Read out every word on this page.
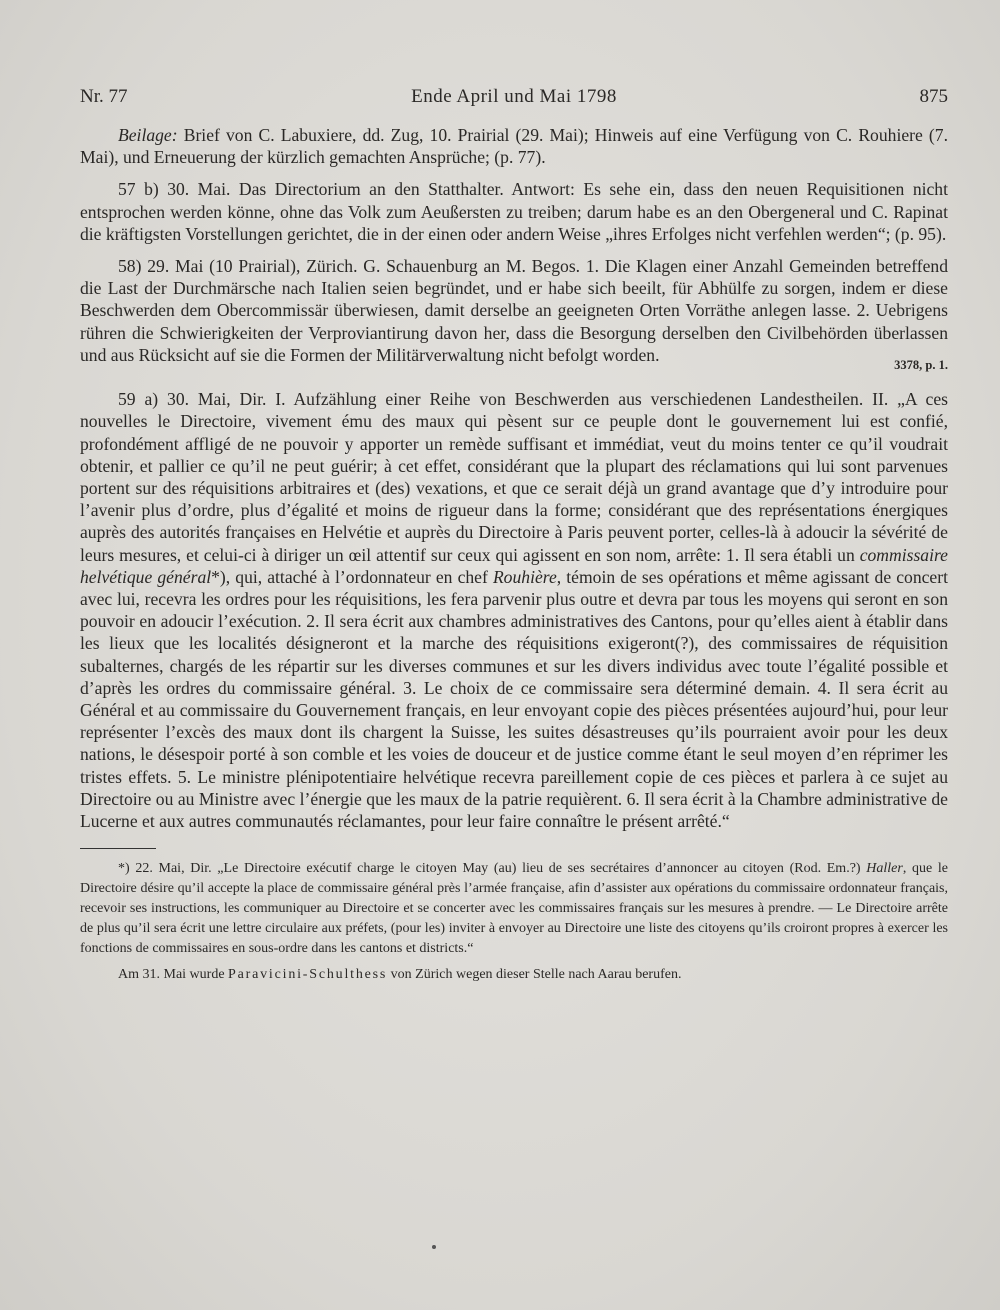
Nr. 77	Ende April und Mai 1798	875

Beilage: Brief von C. Labuxiere, dd. Zug, 10. Prairial (29. Mai); Hinweis auf eine Verfügung von C. Rouhiere (7. Mai), und Erneuerung der kürzlich gemachten Ansprüche; (p. 77).

57 b) 30. Mai. Das Directorium an den Statthalter. Antwort: Es sehe ein, dass den neuen Requisitionen nicht entsprochen werden könne, ohne das Volk zum Aeußersten zu treiben; darum habe es an den Obergeneral und C. Rapinat die kräftigsten Vorstellungen gerichtet, die in der einen oder andern Weise „ihres Erfolges nicht verfehlen werden“; (p. 95).

58) 29. Mai (10 Prairial), Zürich. G. Schauenburg an M. Begos. 1. Die Klagen einer Anzahl Gemeinden betreffend die Last der Durchmärsche nach Italien seien begründet, und er habe sich beeilt, für Abhülfe zu sorgen, indem er diese Beschwerden dem Obercommissär überwiesen, damit derselbe an geeigneten Orten Vorräthe anlegen lasse. 2. Uebrigens rühren die Schwierigkeiten der Verproviantirung davon her, dass die Besorgung derselben den Civilbehörden überlassen und aus Rücksicht auf sie die Formen der Militärverwaltung nicht befolgt worden.

3378, p. 1.

59 a) 30. Mai, Dir. I. Aufzählung einer Reihe von Beschwerden aus verschiedenen Landestheilen. II. „A ces nouvelles le Directoire, vivement ému des maux qui pèsent sur ce peuple dont le gouvernement lui est confié, profondément affligé de ne pouvoir y apporter un remède suffisant et immédiat, veut du moins tenter ce qu’il voudrait obtenir, et pallier ce qu’il ne peut guérir; à cet effet, considérant que la plupart des réclamations qui lui sont parvenues portent sur des réquisitions arbitraires et (des) vexations, et que ce serait déjà un grand avantage que d’y introduire pour l’avenir plus d’ordre, plus d’égalité et moins de rigueur dans la forme; considérant que des représentations énergiques auprès des autorités françaises en Helvétie et auprès du Directoire à Paris peuvent porter, celles-là à adoucir la sévérité de leurs mesures, et celui-ci à diriger un œil attentif sur ceux qui agissent en son nom, arrête: 1. Il sera établi un commissaire helvétique général*), qui, attaché à l’ordonnateur en chef Rouhière, témoin de ses opérations et même agissant de concert avec lui, recevra les ordres pour les réquisitions, les fera parvenir plus outre et devra par tous les moyens qui seront en son pouvoir en adoucir l’exécution. 2. Il sera écrit aux chambres administratives des Cantons, pour qu’elles aient à établir dans les lieux que les localités désigneront et la marche des réquisitions exigeront(?), des commissaires de réquisition subalternes, chargés de les répartir sur les diverses communes et sur les divers individus avec toute l’égalité possible et d’après les ordres du commissaire général. 3. Le choix de ce commissaire sera déterminé demain. 4. Il sera écrit au Général et au commissaire du Gouvernement français, en leur envoyant copie des pièces présentées aujourd’hui, pour leur représenter l’excès des maux dont ils chargent la Suisse, les suites désastreuses qu’ils pourraient avoir pour les deux nations, le désespoir porté à son comble et les voies de douceur et de justice comme étant le seul moyen d’en réprimer les tristes effets. 5. Le ministre plénipotentiaire helvétique recevra pareillement copie de ces pièces et parlera à ce sujet au Directoire ou au Ministre avec l’énergie que les maux de la patrie requièrent. 6. Il sera écrit à la Chambre administrative de Lucerne et aux autres communautés réclamantes, pour leur faire connaître le présent arrêté.“

*) 22. Mai, Dir. „Le Directoire exécutif charge le citoyen May (au) lieu de ses secrétaires d’annoncer au citoyen (Rod. Em.?) Haller, que le Directoire désire qu’il accepte la place de commissaire général près l’armée française, afin d’assister aux opérations du commissaire ordonnateur français, recevoir ses instructions, les communiquer au Directoire et se concerter avec les commissaires français sur les mesures à prendre. — Le Directoire arrête de plus qu’il sera écrit une lettre circulaire aux préfets, (pour les) inviter à envoyer au Directoire une liste des citoyens qu’ils croiront propres à exercer les fonctions de commissaires en sous-ordre dans les cantons et districts.“

Am 31. Mai wurde Paravicini-Schulthess von Zürich wegen dieser Stelle nach Aarau berufen.
